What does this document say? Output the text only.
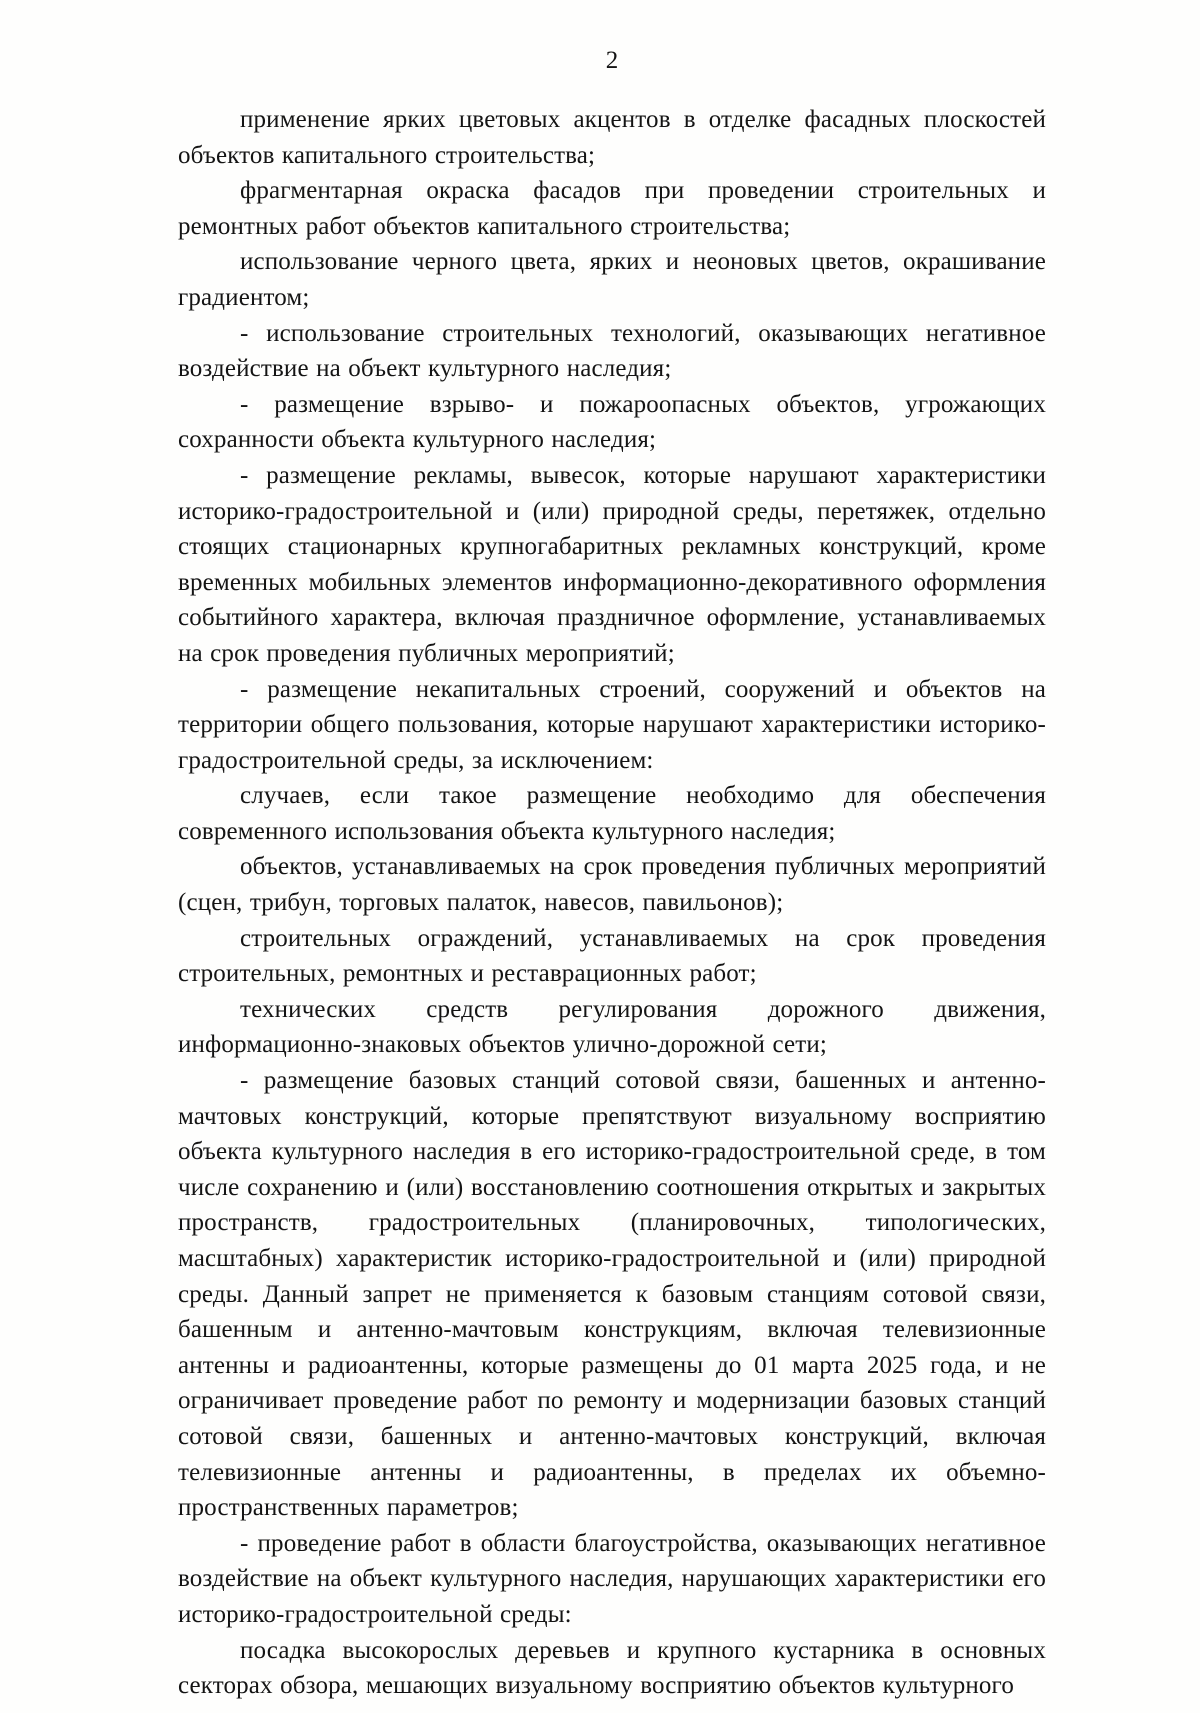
2

применение ярких цветовых акцентов в отделке фасадных плоскостей объектов капитального строительства;

фрагментарная окраска фасадов при проведении строительных и ремонтных работ объектов капитального строительства;

использование черного цвета, ярких и неоновых цветов, окрашивание градиентом;

- использование строительных технологий, оказывающих негативное воздействие на объект культурного наследия;

- размещение взрыво- и пожароопасных объектов, угрожающих сохранности объекта культурного наследия;

- размещение рекламы, вывесок, которые нарушают характеристики историко-градостроительной и (или) природной среды, перетяжек, отдельно стоящих стационарных крупногабаритных рекламных конструкций, кроме временных мобильных элементов информационно-декоративного оформления событийного характера, включая праздничное оформление, устанавливаемых на срок проведения публичных мероприятий;

- размещение некапитальных строений, сооружений и объектов на территории общего пользования, которые нарушают характеристики историко-градостроительной среды, за исключением:

случаев, если такое размещение необходимо для обеспечения современного использования объекта культурного наследия;

объектов, устанавливаемых на срок проведения публичных мероприятий (сцен, трибун, торговых палаток, навесов, павильонов);

строительных ограждений, устанавливаемых на срок проведения строительных, ремонтных и реставрационных работ;

технических средств регулирования дорожного движения, информационно-знаковых объектов улично-дорожной сети;

- размещение базовых станций сотовой связи, башенных и антенно-мачтовых конструкций, которые препятствуют визуальному восприятию объекта культурного наследия в его историко-градостроительной среде, в том числе сохранению и (или) восстановлению соотношения открытых и закрытых пространств, градостроительных (планировочных, типологических, масштабных) характеристик историко-градостроительной и (или) природной среды. Данный запрет не применяется к базовым станциям сотовой связи, башенным и антенно-мачтовым конструкциям, включая телевизионные антенны и радиоантенны, которые размещены до 01 марта 2025 года, и не ограничивает проведение работ по ремонту и модернизации базовых станций сотовой связи, башенных и антенно-мачтовых конструкций, включая телевизионные антенны и радиоантенны, в пределах их объемно-пространственных параметров;

- проведение работ в области благоустройства, оказывающих негативное воздействие на объект культурного наследия, нарушающих характеристики его историко-градостроительной среды:

посадка высокорослых деревьев и крупного кустарника в основных секторах обзора, мешающих визуальному восприятию объектов культурного
